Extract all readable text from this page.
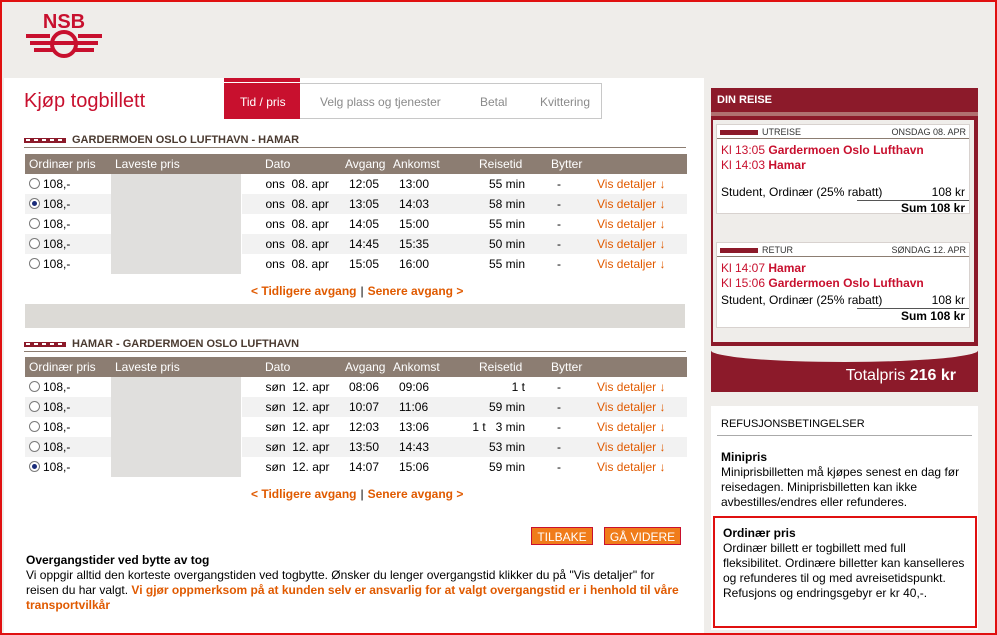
NSB
Kjøp togbillett	Tid / pris	Velg plass og tjenester	Betal	Kvittering
GARDERMOEN OSLO LUFTHAVN - HAMAR
Ordinær pris	Laveste pris	Dato	Avgang	Ankomst	Reisetid	Bytter	
108,-		ons 08. apr	12:05	13:00	55 min	-	Vis detaljer ↓
108,-		ons 08. apr	13:05	14:03	58 min	-	Vis detaljer ↓
108,-		ons 08. apr	14:05	15:00	55 min	-	Vis detaljer ↓
108,-		ons 08. apr	14:45	15:35	50 min	-	Vis detaljer ↓
108,-		ons 08. apr	15:05	16:00	55 min	-	Vis detaljer ↓
< Tidligere avgang | Senere avgang >
HAMAR - GARDERMOEN OSLO LUFTHAVN
Ordinær pris	Laveste pris	Dato	Avgang	Ankomst	Reisetid	Bytter	
108,-		søn 12. apr	08:06	09:06	1 t	-	Vis detaljer ↓
108,-		søn 12. apr	10:07	11:06	59 min	-	Vis detaljer ↓
108,-		søn 12. apr	12:03	13:06	1 t   3 min	-	Vis detaljer ↓
108,-		søn 12. apr	13:50	14:43	53 min	-	Vis detaljer ↓
108,-		søn 12. apr	14:07	15:06	59 min	-	Vis detaljer ↓
< Tidligere avgang | Senere avgang >
TILBAKE	GÅ VIDERE
Overgangstider ved bytte av tog
Vi oppgir alltid den korteste overgangstiden ved togbytte. Ønsker du lenger overgangstid klikker du på "Vis detaljer" for reisen du har valgt. Vi gjør oppmerksom på at kunden selv er ansvarlig for at valgt overgangstid er i henhold til våre transportvilkår
DIN REISE
UTREISE	ONSDAG 08. APR
Kl 13:05 Gardermoen Oslo Lufthavn
Kl 14:03 Hamar
Student, Ordinær (25% rabatt)	108 kr
Sum 108 kr
RETUR	SØNDAG 12. APR
Kl 14:07 Hamar
Kl 15:06 Gardermoen Oslo Lufthavn
Student, Ordinær (25% rabatt)	108 kr
Sum 108 kr
Totalpris 216 kr
REFUSJONSBETINGELSER
Minipris
Miniprisbilletten må kjøpes senest en dag før reisedagen. Miniprisbilletten kan ikke avbestilles/endres eller refunderes.
Ordinær pris
Ordinær billett er togbillett med full fleksibilitet. Ordinære billetter kan kanselleres og refunderes til og med avreisetidspunkt. Refusjons og endringsgebyr er kr 40,-.
